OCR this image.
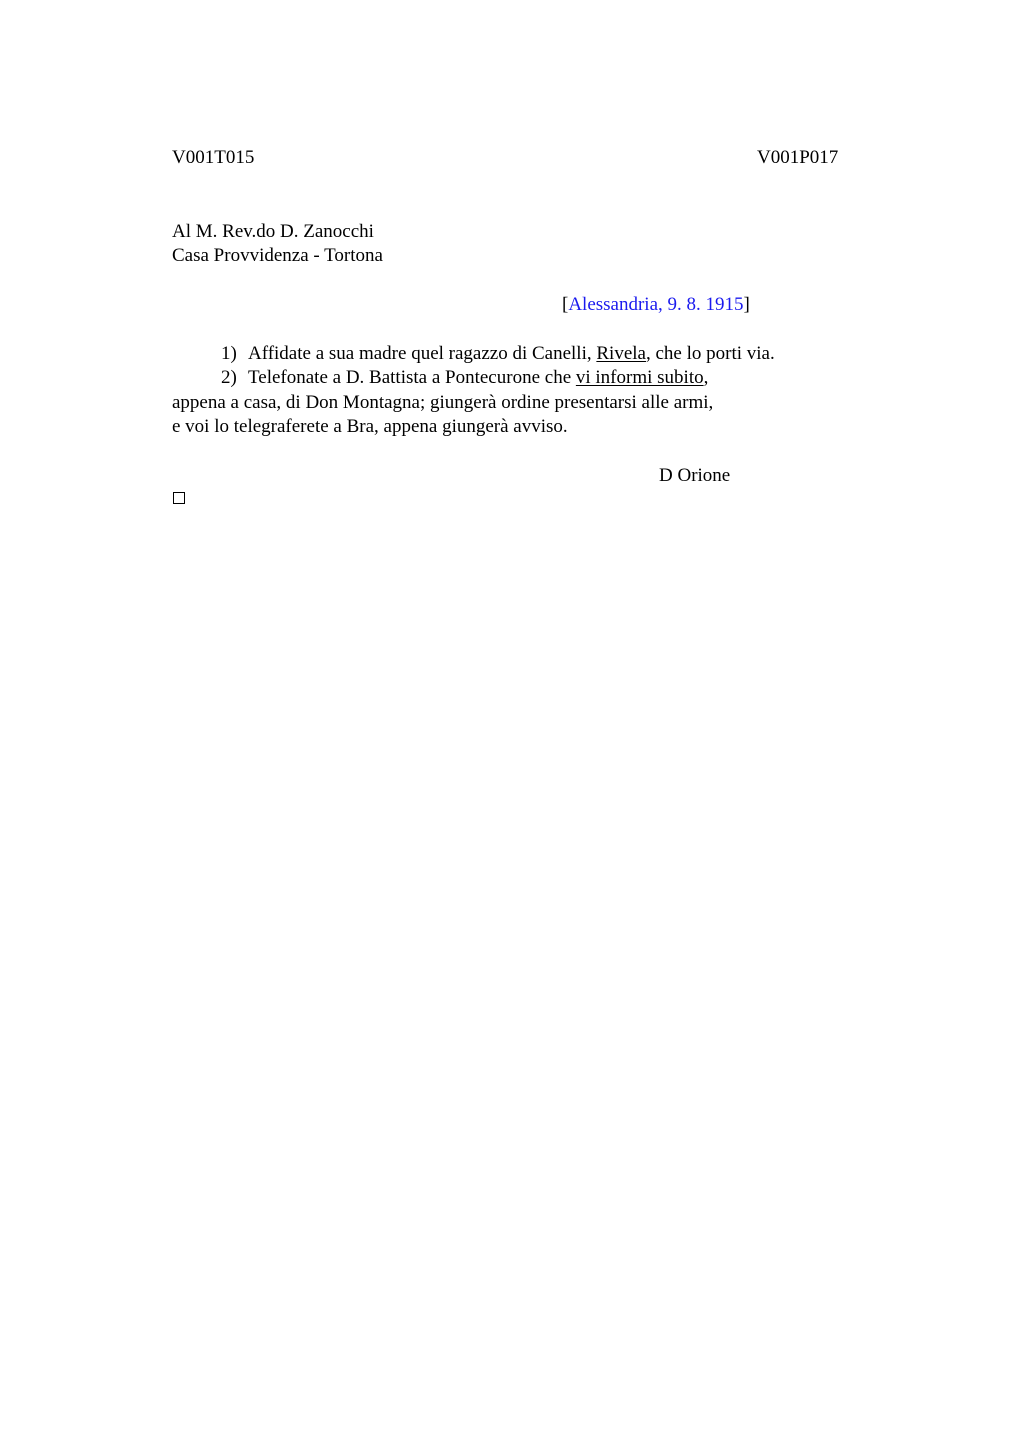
V001T015	V001P017
Al M. Rev.do D. Zanocchi
Casa Provvidenza - Tortona
[Alessandria, 9. 8. 1915]
1) Affidate a sua madre quel ragazzo di Canelli, Rivela, che lo porti via.
2) Telefonate a D. Battista a Pontecurone che vi informi subito,
appena a casa, di Don Montagna; giungerà ordine presentarsi alle armi,
e voi lo telegraferete a Bra, appena giungerà avviso.
D Orione
